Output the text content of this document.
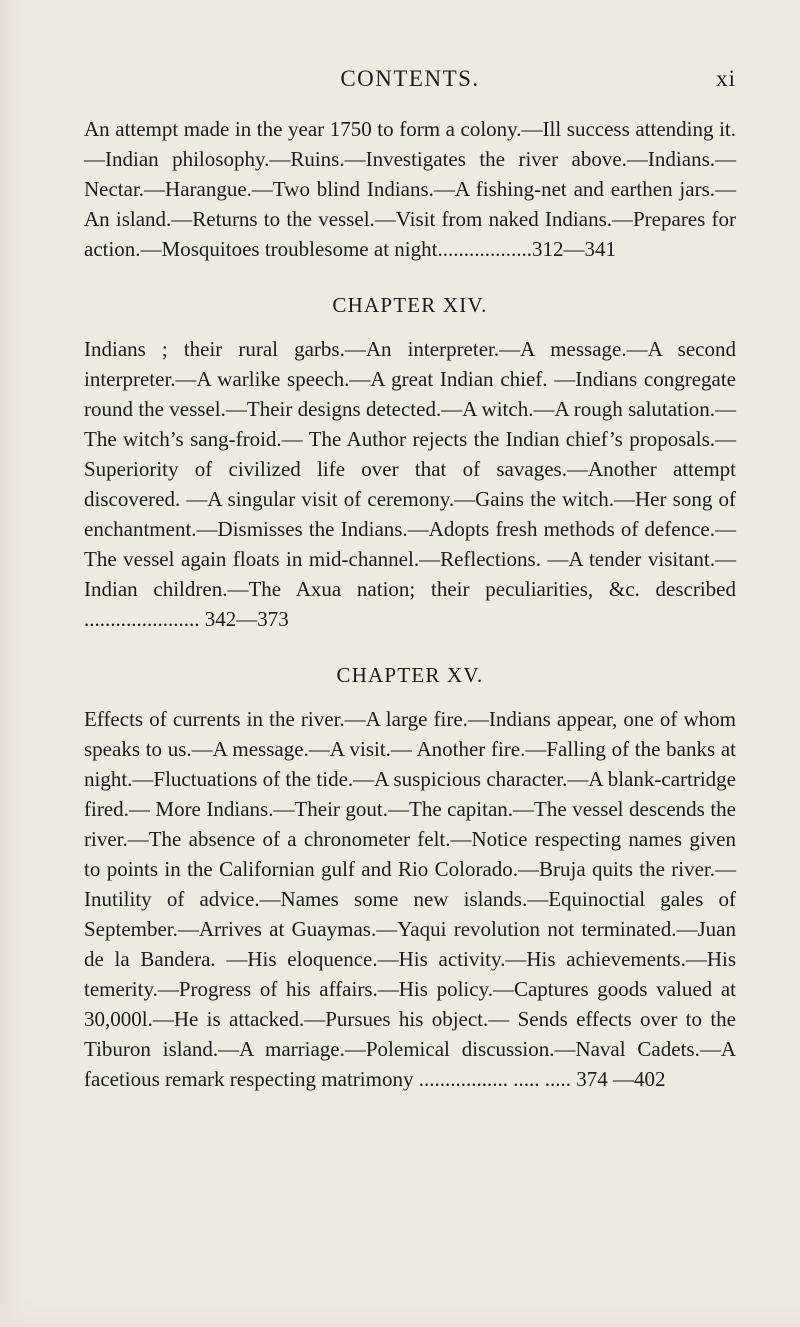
CONTENTS.	xi

An attempt made in the year 1750 to form a colony.—Ill success attending it.—Indian philosophy.—Ruins.—Investigates the river above.—Indians.—Nectar.—Harangue.—Two blind Indians.—A fishing-net and earthen jars.—An island.—Returns to the vessel.—Visit from naked Indians.—Prepares for action.—Mosquitoes troublesome at night..................312—341

CHAPTER XIV.

Indians ; their rural garbs.—An interpreter.—A message.—A second interpreter.—A warlike speech.—A great Indian chief. —Indians congregate round the vessel.—Their designs detected.—A witch.—A rough salutation.—The witch’s sang-froid.— The Author rejects the Indian chief’s proposals.—Superiority of civilized life over that of savages.—Another attempt discovered. —A singular visit of ceremony.—Gains the witch.—Her song of enchantment.—Dismisses the Indians.—Adopts fresh methods of defence.—The vessel again floats in mid-channel.—Reflections. —A tender visitant.—Indian children.—The Axua nation; their peculiarities, &c. described ...................... 342—373

CHAPTER XV.

Effects of currents in the river.—A large fire.—Indians appear, one of whom speaks to us.—A message.—A visit.— Another fire.—Falling of the banks at night.—Fluctuations of the tide.—A suspicious character.—A blank-cartridge fired.— More Indians.—Their gout.—The capitan.—The vessel descends the river.—The absence of a chronometer felt.—Notice respecting names given to points in the Californian gulf and Rio Colorado.—Bruja quits the river.—Inutility of advice.—Names some new islands.—Equinoctial gales of September.—Arrives at Guaymas.—Yaqui revolution not terminated.—Juan de la Bandera. —His eloquence.—His activity.—His achievements.—His temerity.—Progress of his affairs.—His policy.—Captures goods valued at 30,000l.—He is attacked.—Pursues his object.— Sends effects over to the Tiburon island.—A marriage.—Polemical discussion.—Naval Cadets.—A facetious remark respecting matrimony ................. ..... ..... 374 —402
